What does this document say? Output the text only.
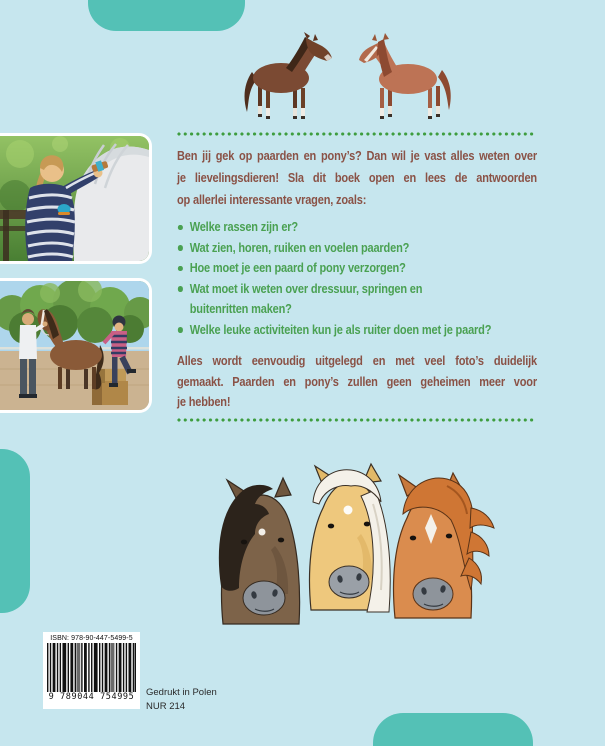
Ben jij gek op paarden en pony’s? Dan wil je vast alles weten over
je lievelingsdieren! Sla dit boek open en lees de antwoorden
op allerlei interessante vragen, zoals:
Welke rassen zijn er?
Wat zien, horen, ruiken en voelen paarden?
Hoe moet je een paard of pony verzorgen?
Wat moet ik weten over dressuur, springen en
buitenritten maken?
Welke leuke activiteiten kun je als ruiter doen met je paard?
Alles wordt eenvoudig uitgelegd en met veel foto’s duidelijk
gemaakt. Paarden en pony’s zullen geen geheimen meer voor
je hebben!
ISBN: 978-90-447-5499-5
9 789044 754995 Gedrukt in Polen
NUR 214
